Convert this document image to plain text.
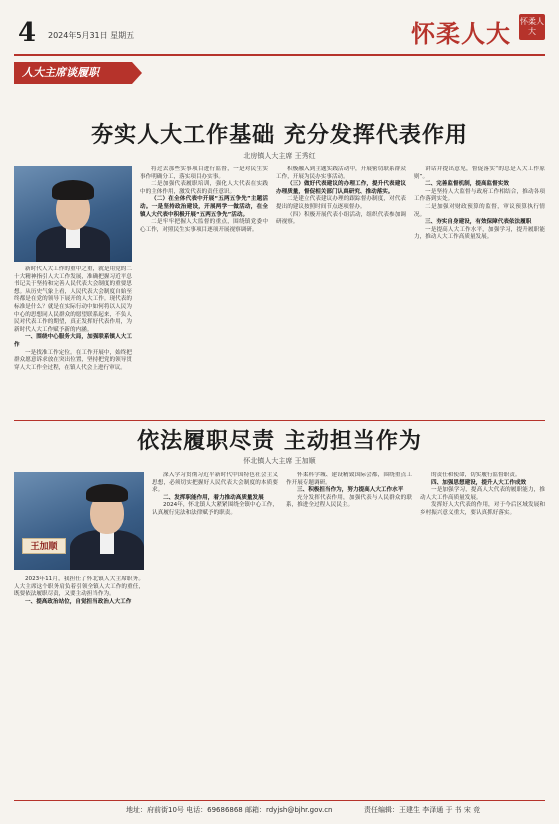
4 2024年5月31日 星期五	怀柔人大 怀柔人大
人大主席谈履职
夯实人大工作基础 充分发挥代表作用
北房镇人大主席 王秀红

新时代人大工作的重中之重，就是用党的二十大精神指引人大工作发展，准确把握习近平总书记关于坚持和完善人民代表大会制度的重要思想。从历史气象上看，人民代表大会制度自始至终都是在党的领导下展开的人大工作。现代表的标准是什么？就是在实际行动中如何将以人民为中心的思想同人民群众的愿望联系起来，不负人民对代表工作的期望，真正发挥好代表作用，为新时代人大工作赋予新的内涵。

一、围绕中心服务大局，加强联系镇人大工作

一是找准工作定位。在工作开展中，始终把群众愿意诉求放在突出位置，坚持把党的领导贯穿人大工作全过程，在镇人代会上进行审议。

将过去那些实事项目进行监督，一是对民生实事作明确分工，落实项目办实事。

二是加强代表履职培训，强化人大代表在实践中的主体作用，激发代表的责任意识。

（二）在全体代表中开展“五两五争先”主题活动。一是坚持政治建设，开展两学一做活动，在全镇人大代表中积极开展“五两五争先”活动。

二是牢牢把握人大监督的重点，围绕镇党委中心工作，对照民生实事项目逐项开展视察调研。

积极融入到主题实践活动中，开展密切联系群众工作，开展为民办实事活动。

（三）做好代表建议的办理工作，提升代表建议办理质量，督促相关部门认真研究、推动落实。

二是建立代表建议办理的跟踪督办制度，对代表提出的建议按照时间节点逐项督办。

（四）积极开展代表小组活动，组织代表参加调研视察。

讲话并提出意见，督促落实“的总是人大工作原则”。

二、完善监督机制，提高监督实效

一是坚持人大监督与政府工作相结合，推动各项工作落到实处。

二是加强对财政预算的监督，审议预算执行情况。

三、夯实自身建设，有效保障代表依法履职

一是提高人大工作水平，加强学习，提升履职能力，推动人大工作高质量发展。

依法履职尽责 主动担当作为
怀北镇人大主席 王加顺
王加顺

2023年11月，我担任了怀北镇人大主席职务。人大主席这个职务肩负着引领全镇人大工作的重任，既要依法履职尽责，又要主动担当作为。

一、提高政治站位，自觉担当政治人大工作

深入学习贯彻习近平新时代中国特色社会主义思想，必须切实把握好人民代表大会制度的本质要求。

二、发挥职能作用，着力推动高质量发展

2024年，怀北镇人大紧紧围绕全镇中心工作，认真履行宪法和法律赋予的职责。

怀柔科学城、建设精致国际会都，围绕重点工作开展专题调研。

三、积极担当作为，努力提高人大工作水平

充分发挥代表作用，加强代表与人民群众的联系，推进全过程人民民主。

的责任和使命，切实履行监督职责。

四、加强思想建设，提升人大工作成效

一是加强学习，提高人大代表的履职能力，推动人大工作高质量发展。

发挥好人大代表的作用，对于今后区域发展和乡村振兴意义重大，要认真抓好落实。

地址：府前街10号 电话：69686868 邮箱：rdyjsh@bjhr.gov.cn	责任编辑：王建生 李泽通 于 书 宋 竞
